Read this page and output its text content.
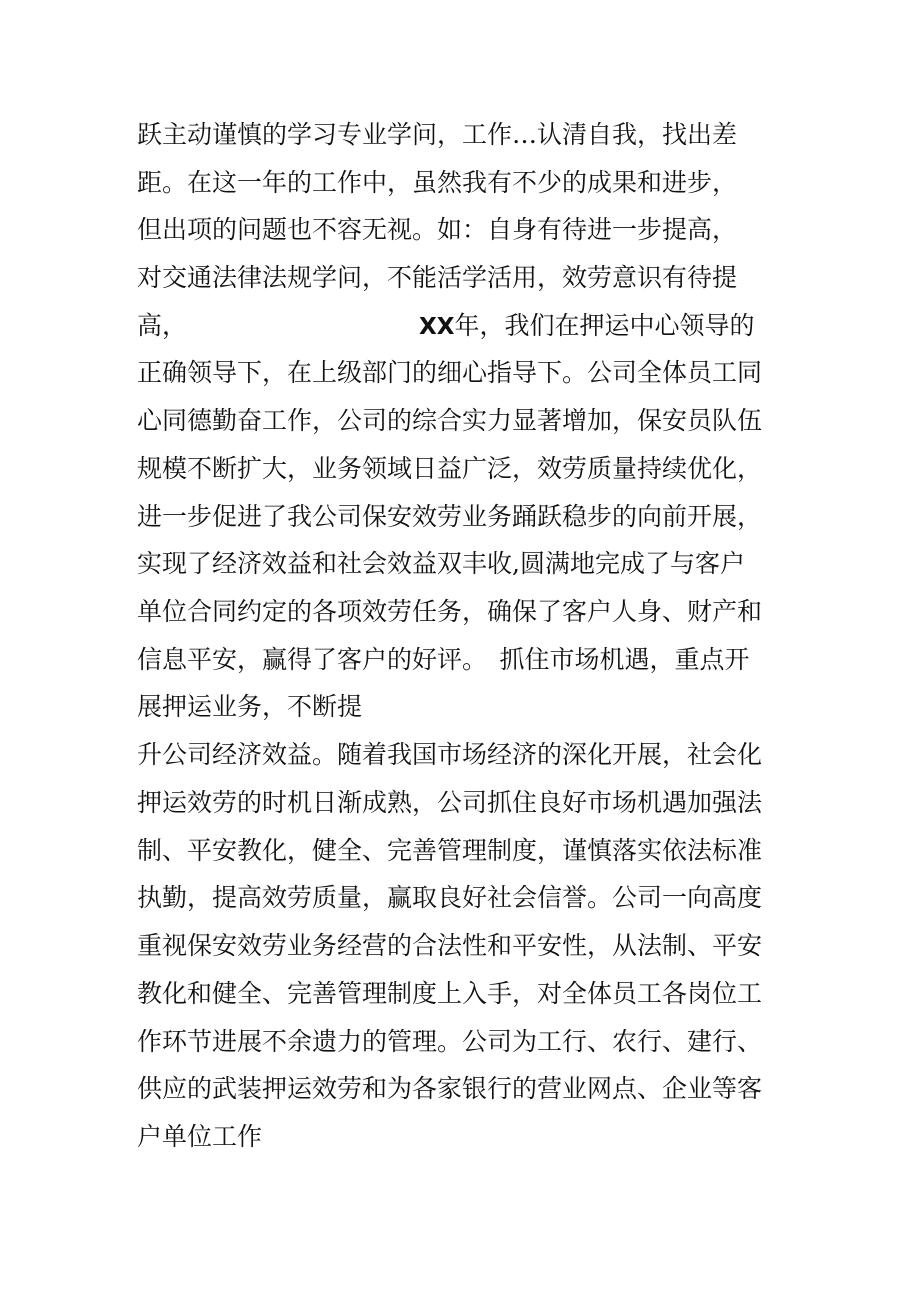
跃主动谨慎的学习专业学问，工作…认清自我，找出差

距。在这一年的工作中，虽然我有不少的成果和进步，

但出项的问题也不容无视。如：自身有待进一步提高，

对交通法律法规学问，不能活学活用，效劳意识有待提

高，	XX年，我们在押运中心领导的

正确领导下，在上级部门的细心指导下。公司全体员工同

心同德勤奋工作，公司的综合实力显著增加，保安员队伍

规模不断扩大，业务领域日益广泛，效劳质量持续优化，

进一步促进了我公司保安效劳业务踊跃稳步的向前开展，

实现了经济效益和社会效益双丰收,圆满地完成了与客户

单位合同约定的各项效劳任务，确保了客户人身、财产和

信息平安，赢得了客户的好评。　抓住市场机遇，重点开

展押运业务，不断提

升公司经济效益。随着我国市场经济的深化开展，社会化

押运效劳的时机日渐成熟，公司抓住良好市场机遇加强法

制、平安教化，健全、完善管理制度，谨慎落实依法标准

执勤，提高效劳质量，赢取良好社会信誉。公司一向高度

重视保安效劳业务经营的合法性和平安性，从法制、平安

教化和健全、完善管理制度上入手，对全体员工各岗位工

作环节进展不余遗力的管理。公司为工行、农行、建行、

供应的武装押运效劳和为各家银行的营业网点、企业等客

户单位工作
